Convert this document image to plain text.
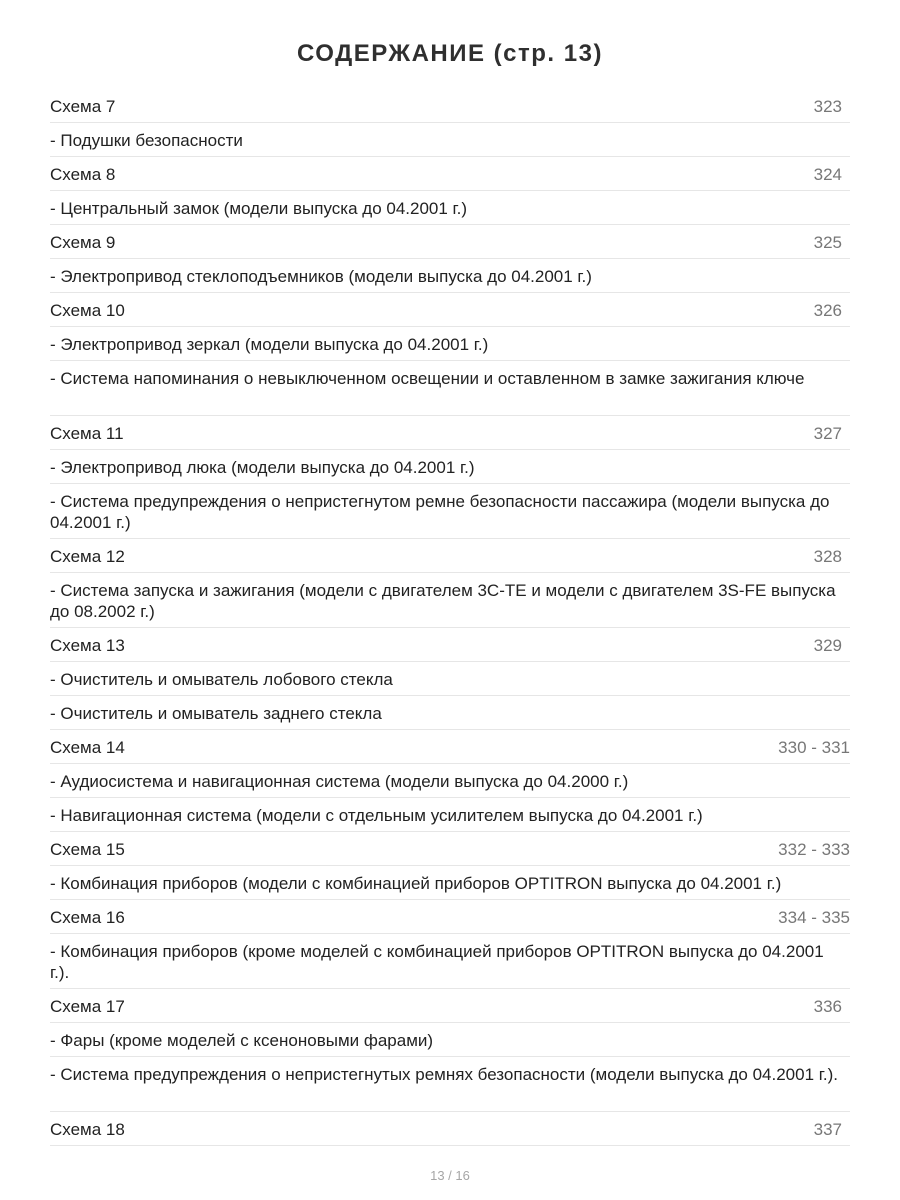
СОДЕРЖАНИЕ (стр. 13)
Схема 7	323
- Подушки безопасности
Схема 8	324
- Центральный замок (модели выпуска до 04.2001 г.)
Схема 9	325
- Электропривод стеклоподъемников (модели выпуска до 04.2001 г.)
Схема 10	326
- Электропривод зеркал (модели выпуска до 04.2001 г.)
- Система напоминания о невыключенном освещении и оставленном в замке зажигания ключе
Схема 11	327
- Электропривод люка (модели выпуска до 04.2001 г.)
- Система предупреждения о непристегнутом ремне безопасности пассажира (модели выпуска до 04.2001 г.)
Схема 12	328
- Система запуска и зажигания (модели с двигателем 3С-TE и модели с двигателем 3S-FE выпуска до 08.2002 г.)
Схема 13	329
- Очиститель и омыватель лобового стекла
- Очиститель и омыватель заднего стекла
Схема 14	330 - 331
- Аудиосистема и навигационная система (модели выпуска до 04.2000 г.)
- Навигационная система (модели с отдельным усилителем выпуска до 04.2001 г.)
Схема 15	332 - 333
- Комбинация приборов (модели с комбинацией приборов OPTITRON выпуска до 04.2001 г.)
Схема 16	334 - 335
- Комбинация приборов (кроме моделей с комбинацией приборов OPTITRON выпуска до 04.2001 г.).
Схема 17	336
- Фары (кроме моделей с ксеноновыми фарами)
- Система предупреждения о непристегнутых ремнях безопасности (модели выпуска до 04.2001 г.).
Схема 18	337
13 / 16
